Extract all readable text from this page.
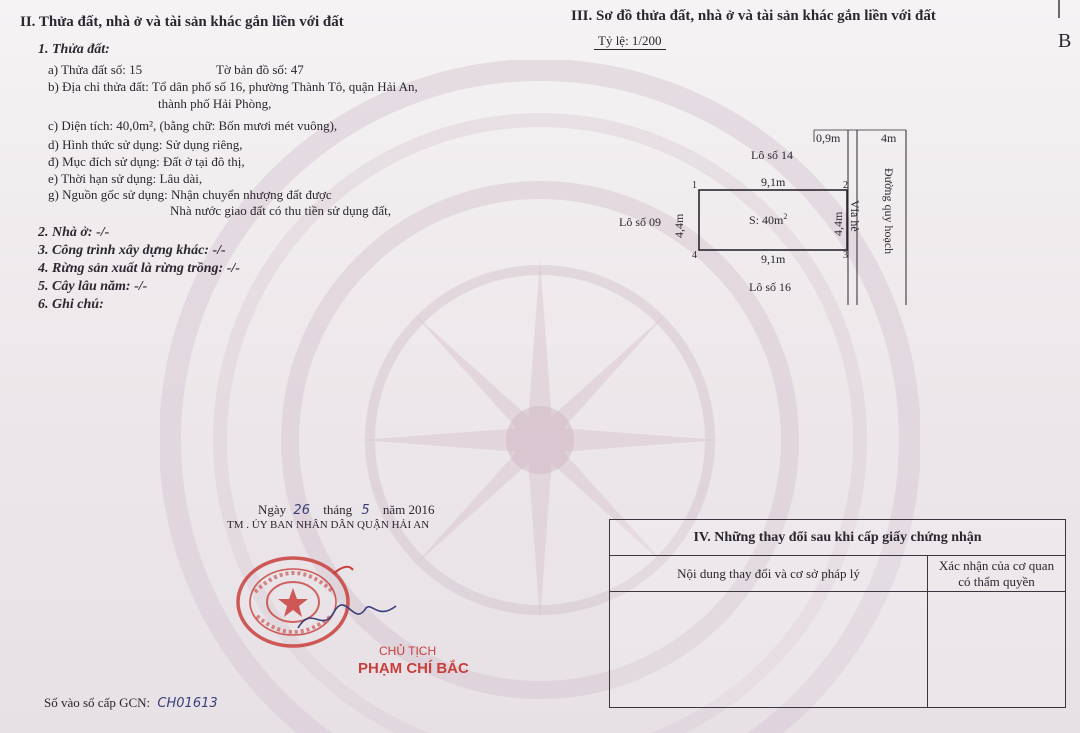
II. Thửa đất, nhà ở và tài sản khác gắn liền với đất
1. Thửa đất:
a) Thửa đất số: 15	Tờ bản đồ số: 47
b) Địa chỉ thửa đất: Tổ dân phố số 16, phường Thành Tô, quận Hải An,
thành phố Hải Phòng,
c) Diện tích: 40,0m², (bằng chữ: Bốn mươi mét vuông),
d) Hình thức sử dụng: Sử dụng riêng,
đ) Mục đích sử dụng: Đất ở tại đô thị,
e) Thời hạn sử dụng: Lâu dài,
g) Nguồn gốc sử dụng: Nhận chuyển nhượng đất được
Nhà nước giao đất có thu tiền sử dụng đất,
2. Nhà ở: -/-
3. Công trình xây dựng khác: -/-
4. Rừng sản xuất là rừng trồng: -/-
5. Cây lâu năm: -/-
6. Ghi chú:
III. Sơ đồ thửa đất, nhà ở và tài sản khác gắn liền với đất
Tỷ lệ: 1/200	B
0,9m	4m
Lô số 14
9,1m
1	2
3
4
Lô số 09 4,4m	S: $40m^2$	4,4m Vỉa hè Đường quy hoạch
9,1m
Lô số 16
Ngày 26 tháng 5 năm 2016
TM . ỦY BAN NHÂN DÂN QUẬN HẢI AN
CHỦ TỊCH
PHẠM CHÍ BẮC
Số vào sổ cấp GCN: CH01613
IV. Những thay đổi sau khi cấp giấy chứng nhận	
Nội dung thay đổi và cơ sở pháp lý	Xác nhận của cơ quan
có thẩm quyền
